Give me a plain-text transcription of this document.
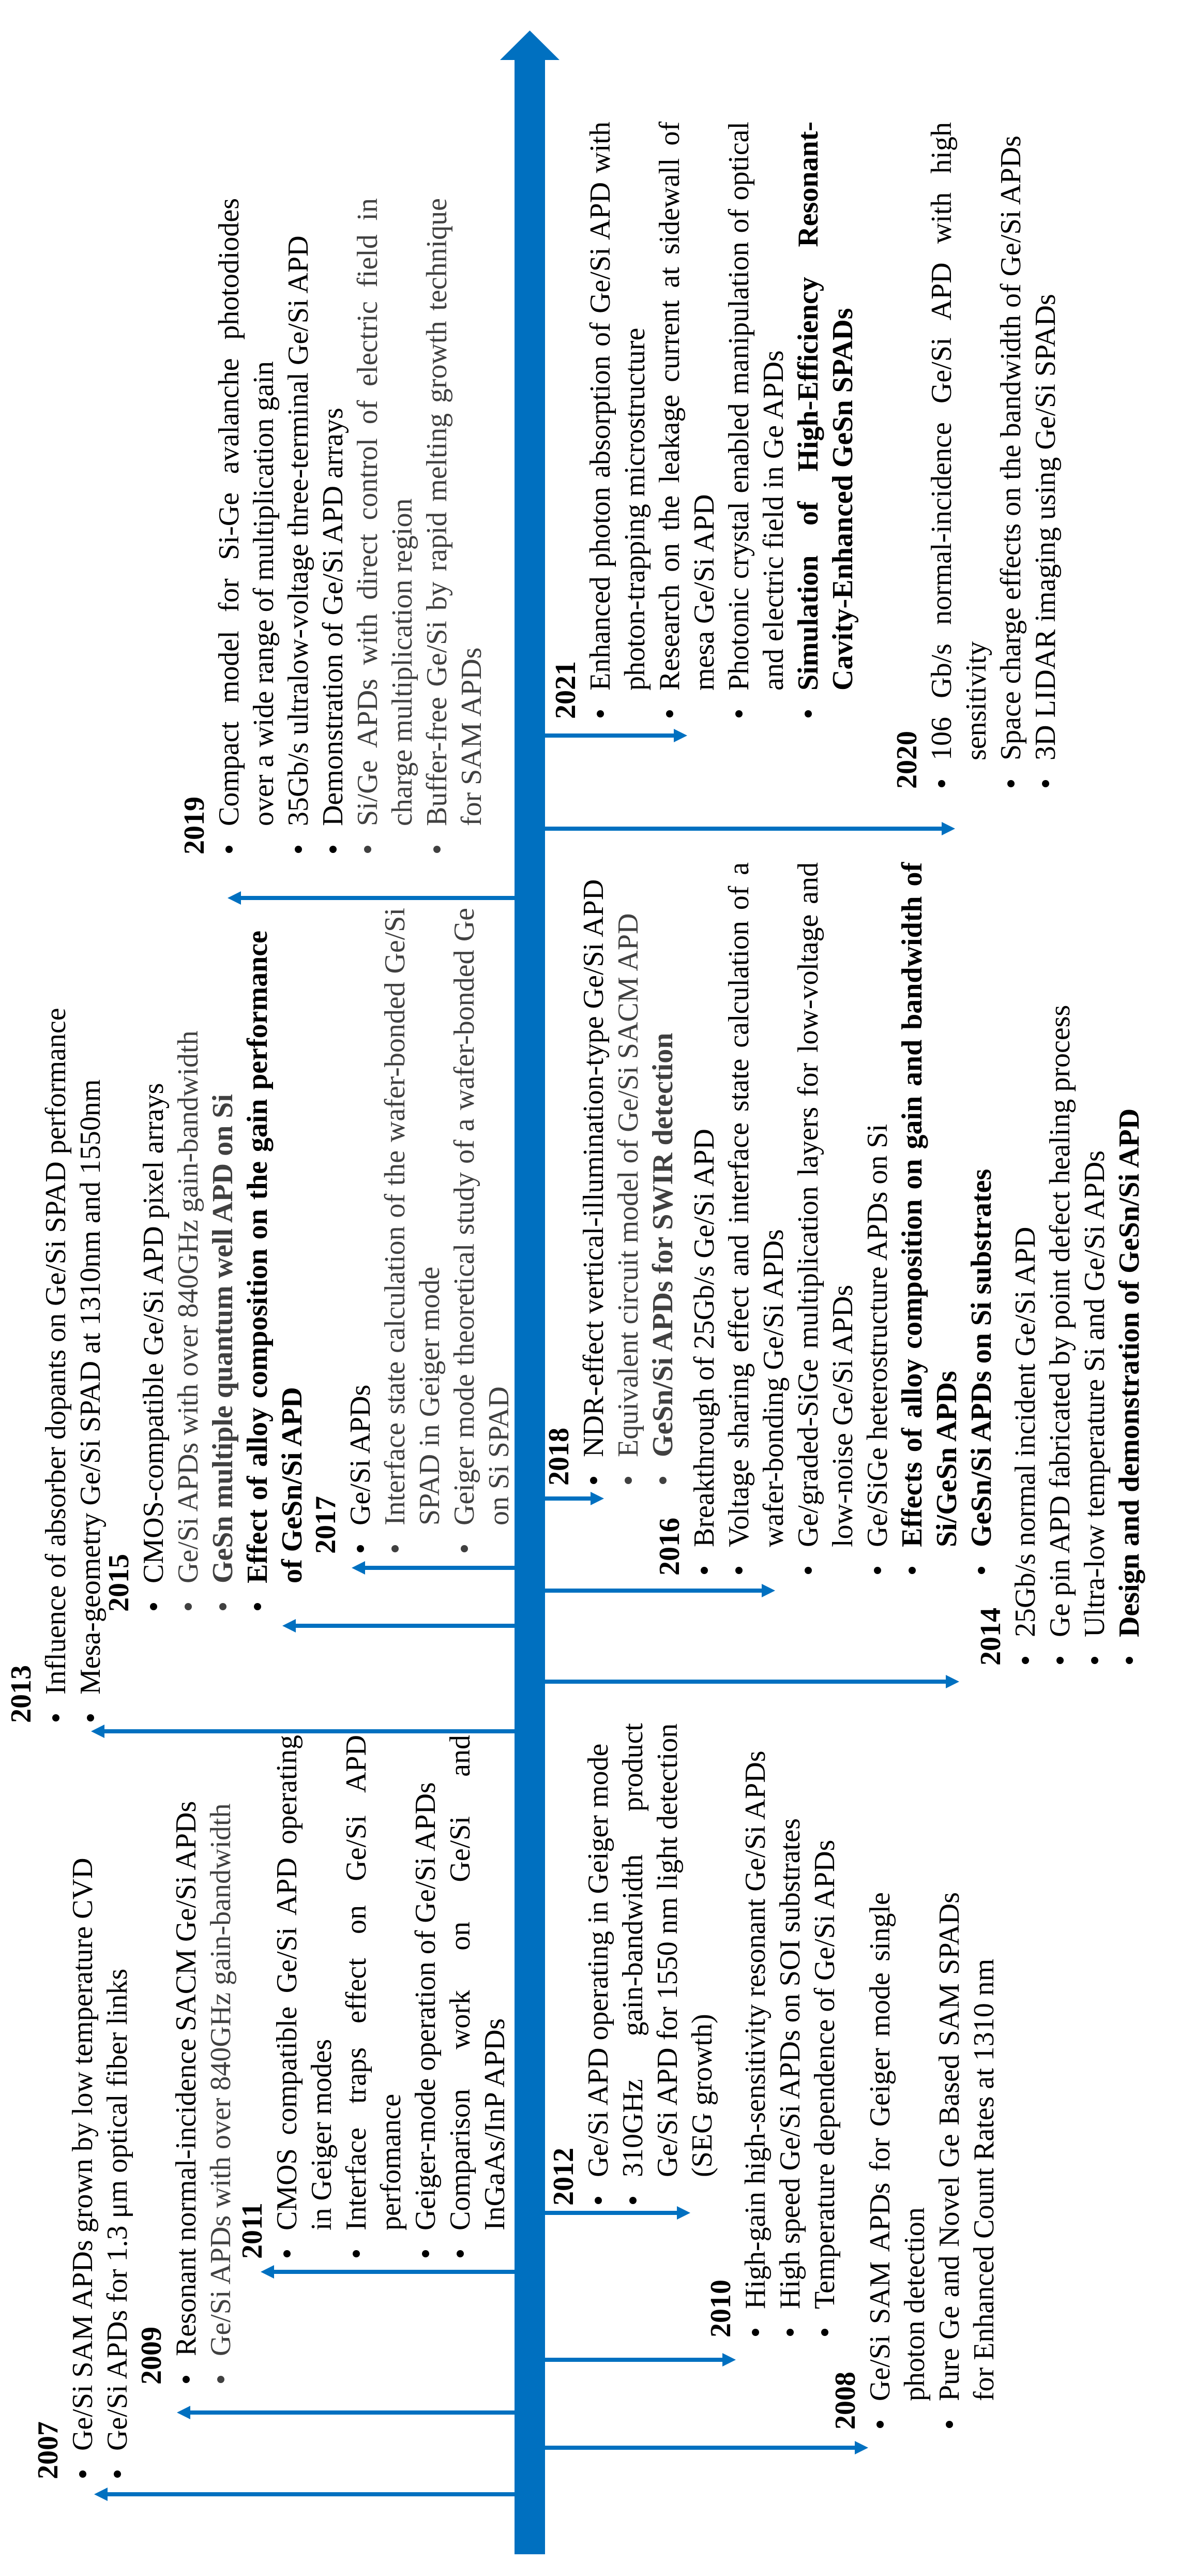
2007 Ge/Si SAM APDs grown by low temperature CVD Ge/Si APDs for 1.3 μm optical fiber links	2008 Ge/Si SAM APDs for Geiger mode single photon detection Pure Ge and Novel Ge Based SAM SPADs for Enhanced Count Rates at 1310 nm
2009 Resonant normal-incidence SACM Ge/Si APDs Ge/Si APDs with over 840GHz gain-bandwidth	2010 High-gain high-sensitivity resonant Ge/Si APDs High speed Ge/Si APDs on SOI substrates Temperature dependence of Ge/Si APDs
2011
CMOS compatible Ge/Si APD operating in Geiger modes Interface traps effect on Ge/Si APD perfomance Geiger-mode operation of Ge/Si APDs Comparison work on Ge/Si and InGaAs/InP APDs 2012 Ge/Si APD operating in Geiger mode 310GHz gain-bandwidth product Ge/Si APD for 1550 nm light detection (SEG growth)
2013 Influence of absorber dopants on Ge/Si SPAD performance Mesa-geometry Ge/Si SPAD at 1310nm and 1550nm	2014 25Gb/s normal incident Ge/Si APD Ge pin APD fabricated by point defect healing process Ultra-low temperature Si and Ge/Si APDs Design and demonstration of GeSn/Si APD
2015 CMOS-compatible Ge/Si APD pixel arrays Ge/Si APDs with over 840GHz gain-bandwidth GeSn multiple quantum well APD on Si Effect of alloy composition on the gain performance of GeSn/Si APD	2016 Breakthrough of 25Gb/s Ge/Si APD Voltage sharing effect and interface state calculation of a wafer-bonding Ge/Si APDs Ge/graded-SiGe multiplication layers for low-voltage and low-noise Ge/Si APDs Ge/SiGe heterostructure APDs on Si Effects of alloy composition on gain and bandwidth of Si/GeSn APDs GeSn/Si APDs on Si substrates
2017 Ge/Si APDs Interface state calculation of the wafer-bonded Ge/Si SPAD in Geiger mode Geiger mode theoretical study of a wafer-bonded Ge on Si SPAD 2018 NDR-effect vertical-illumination-type Ge/Si APD Equivalent circuit model of Ge/Si SACM APD GeSn/Si APDs for SWIR detection
2019 Compact model for Si-Ge avalanche photodiodes over a wide range of multiplication gain 35Gb/s ultralow-voltage three-terminal Ge/Si APD Demonstration of Ge/Si APD arrays Si/Ge APDs with direct control of electric field in charge multiplication region Buffer-free Ge/Si by rapid melting growth technique for SAM APDs	2020 106 Gb/s normal-incidence Ge/Si APD with high sensitivity Space charge effects on the bandwidth of Ge/Si APDs 3D LIDAR imaging using Ge/Si SPADs
2021 Enhanced photon absorption of Ge/Si APD with photon-trapping microstructure Research on the leakage current at sidewall of mesa Ge/Si APD Photonic crystal enabled manipulation of optical and electric field in Ge APDs Simulation of High-Efficiency Resonant- Cavity-Enhanced GeSn SPADs
